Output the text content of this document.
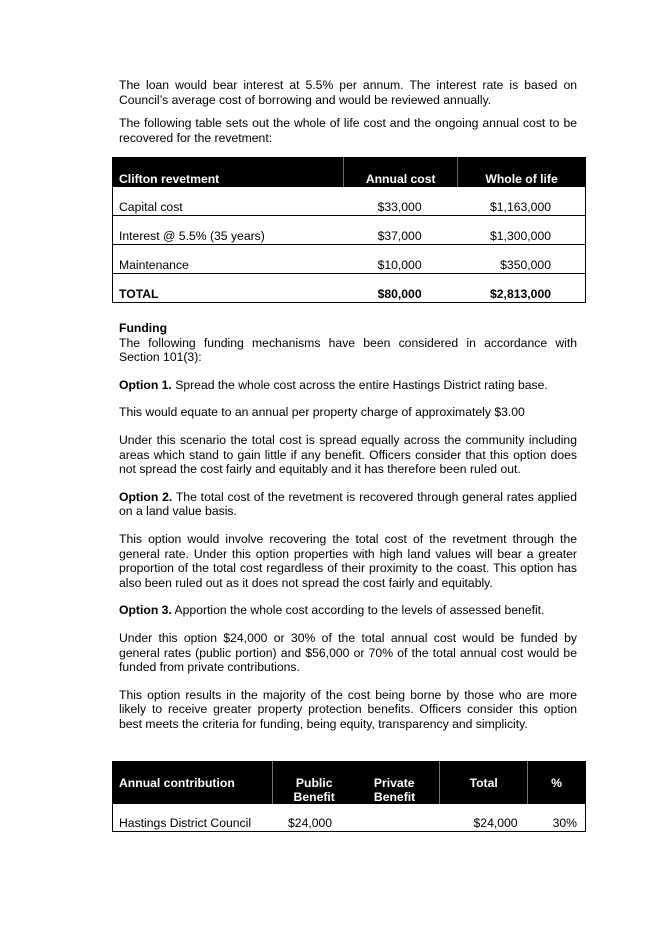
The loan would bear interest at 5.5% per annum. The interest rate is based on Council’s average cost of borrowing and would be reviewed annually.

The following table sets out the whole of life cost and the ongoing annual cost to be recovered for the revetment:

Clifton revetment	Annual cost	Whole of life
Capital cost	$33,000	$1,163,000
Interest @ 5.5% (35 years)	$37,000	$1,300,000
Maintenance	$10,000	$350,000
TOTAL	$80,000	$2,813,000

Funding

The following funding mechanisms have been considered in accordance with Section 101(3):

Option 1. Spread the whole cost across the entire Hastings District rating base.

This would equate to an annual per property charge of approximately $3.00

Under this scenario the total cost is spread equally across the community including areas which stand to gain little if any benefit. Officers consider that this option does not spread the cost fairly and equitably and it has therefore been ruled out.

Option 2. The total cost of the revetment is recovered through general rates applied on a land value basis.

This option would involve recovering the total cost of the revetment through the general rate. Under this option properties with high land values will bear a greater proportion of the total cost regardless of their proximity to the coast. This option has also been ruled out as it does not spread the cost fairly and equitably.

Option 3. Apportion the whole cost according to the levels of assessed benefit.

Under this option $24,000 or 30% of the total annual cost would be funded by general rates (public portion) and $56,000 or 70% of the total annual cost would be funded from private contributions.

This option results in the majority of the cost being borne by those who are more likely to receive greater property protection benefits. Officers consider this option best meets the criteria for funding, being equity, transparency and simplicity.

Annual contribution	Public Benefit	Private Benefit	Total	%
Hastings District Council	$24,000		$24,000	30%
